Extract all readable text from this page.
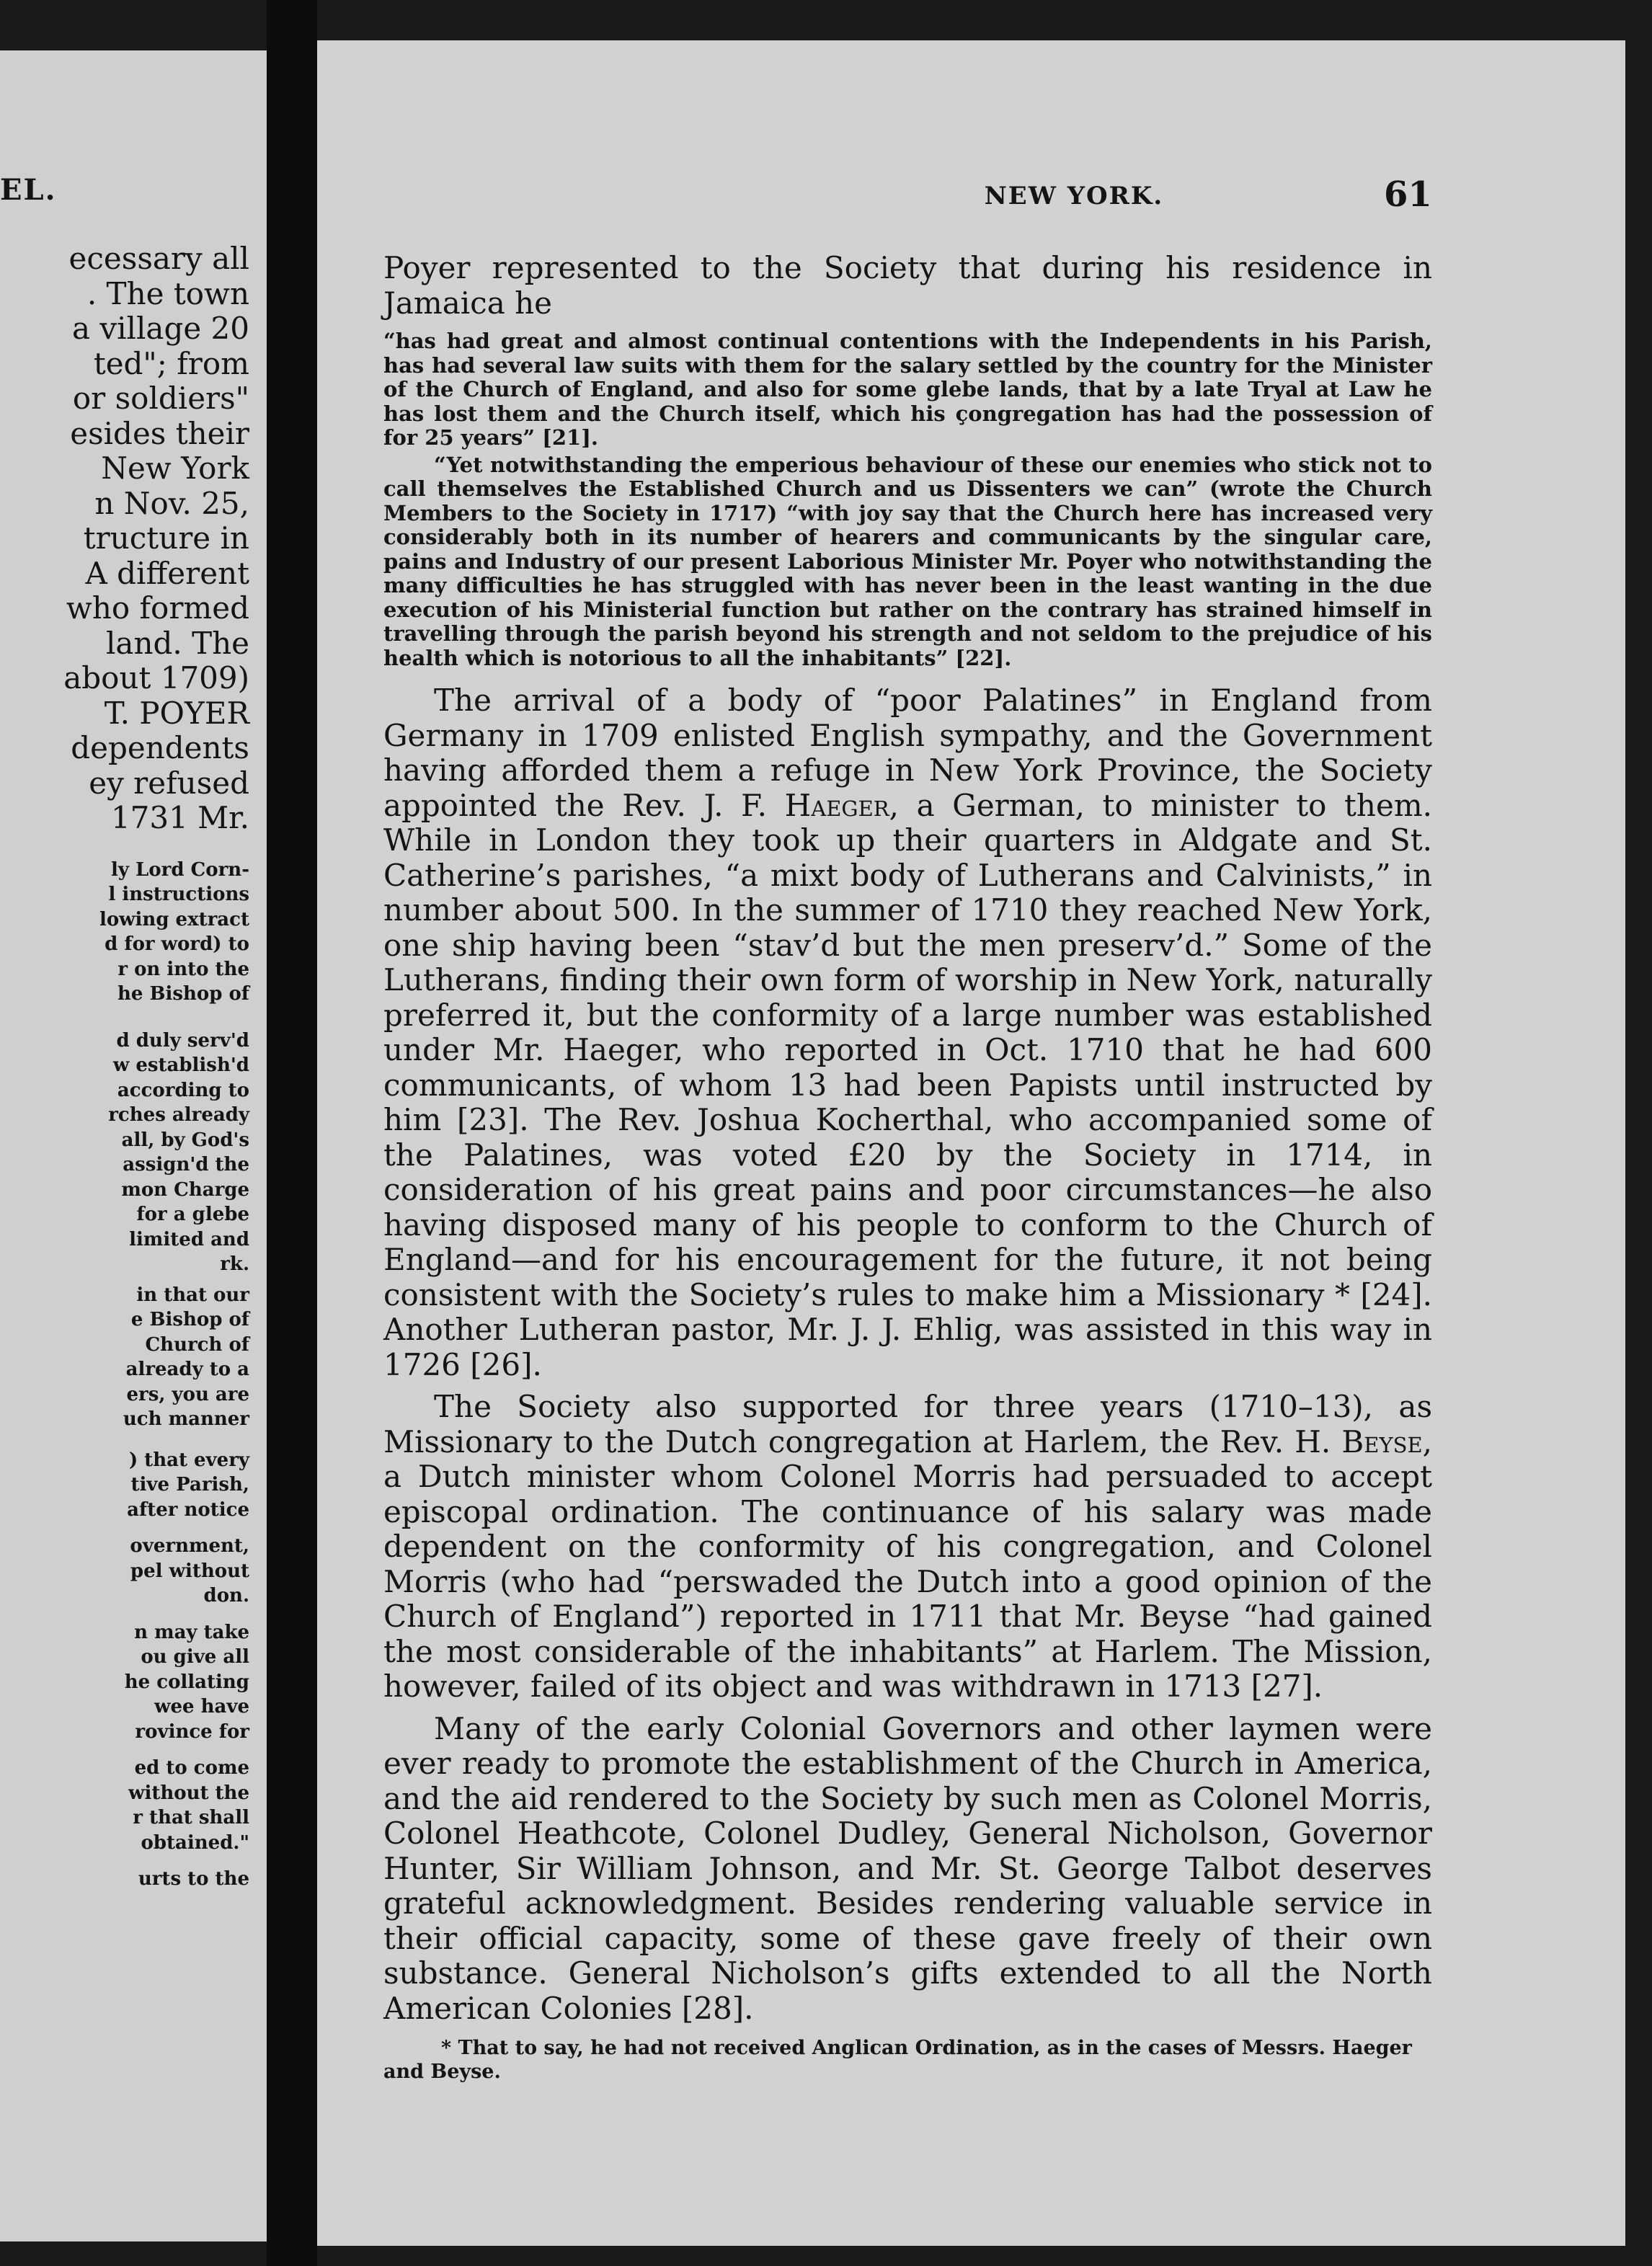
EL.
ecessary all
. The town
a village 20
ted"; from
or soldiers"
esides their
New York
n Nov. 25,
tructure in
A different
who formed
land. The
about 1709)
T. POYER
dependents
ey refused
1731 Mr.
ly Lord Corn-
l instructions
lowing extract
d for word) to
r on into the
he Bishop of
d duly serv'd
w establish'd
according to
rches already
all, by God's
assign'd the
mon Charge
for a glebe
limited and
rk.
in that our
e Bishop of
Church of
already to a
ers, you are
uch manner
) that every
tive Parish,
after notice
overnment,
pel without
don.
n may take
ou give all
he collating
wee have
rovince for
ed to come
without the
r that shall
obtained."
urts to the
NEW YORK.	61

Poyer represented to the Society that during his residence in Jamaica he

“has had great and almost continual contentions with the Independents in his Parish, has had several law suits with them for the salary settled by the country for the Minister of the Church of England, and also for some glebe lands, that by a late Tryal at Law he has lost them and the Church itself, which his çongregation has had the possession of for 25 years” [21].

“Yet notwithstanding the emperious behaviour of these our enemies who stick not to call themselves the Established Church and us Dissenters we can” (wrote the Church Members to the Society in 1717) “with joy say that the Church here has increased very considerably both in its number of hearers and communicants by the singular care, pains and Industry of our present Laborious Minister Mr. Poyer who notwithstanding the many difficulties he has struggled with has never been in the least wanting in the due execution of his Ministerial function but rather on the contrary has strained himself in travelling through the parish beyond his strength and not seldom to the prejudice of his health which is notorious to all the inhabitants” [22].

The arrival of a body of “poor Palatines” in England from Germany in 1709 enlisted English sympathy, and the Government having afforded them a refuge in New York Province, the Society appointed the Rev. J. F. Haeger, a German, to minister to them. While in London they took up their quarters in Aldgate and St. Catherine’s parishes, “a mixt body of Lutherans and Calvinists,” in number about 500. In the summer of 1710 they reached New York, one ship having been “stav’d but the men preserv’d.” Some of the Lutherans, finding their own form of worship in New York, naturally preferred it, but the conformity of a large number was established under Mr. Haeger, who reported in Oct. 1710 that he had 600 communicants, of whom 13 had been Papists until instructed by him [23]. The Rev. Joshua Kocherthal, who accompanied some of the Palatines, was voted £20 by the Society in 1714, in consideration of his great pains and poor circumstances—he also having disposed many of his people to conform to the Church of England—and for his encouragement for the future, it not being consistent with the Society’s rules to make him a Missionary * [24]. Another Lutheran pastor, Mr. J. J. Ehlig, was assisted in this way in 1726 [26].

The Society also supported for three years (1710–13), as Missionary to the Dutch congregation at Harlem, the Rev. H. Beyse, a Dutch minister whom Colonel Morris had persuaded to accept episcopal ordination. The continuance of his salary was made dependent on the conformity of his congregation, and Colonel Morris (who had “perswaded the Dutch into a good opinion of the Church of England”) reported in 1711 that Mr. Beyse “had gained the most considerable of the inhabitants” at Harlem. The Mission, however, failed of its object and was withdrawn in 1713 [27].

Many of the early Colonial Governors and other laymen were ever ready to promote the establishment of the Church in America, and the aid rendered to the Society by such men as Colonel Morris, Colonel Heathcote, Colonel Dudley, General Nicholson, Governor Hunter, Sir William Johnson, and Mr. St. George Talbot deserves grateful acknowledgment. Besides rendering valuable service in their official capacity, some of these gave freely of their own substance. General Nicholson’s gifts extended to all the North American Colonies [28].

* That to say, he had not received Anglican Ordination, as in the cases of Messrs. Haeger and Beyse.
